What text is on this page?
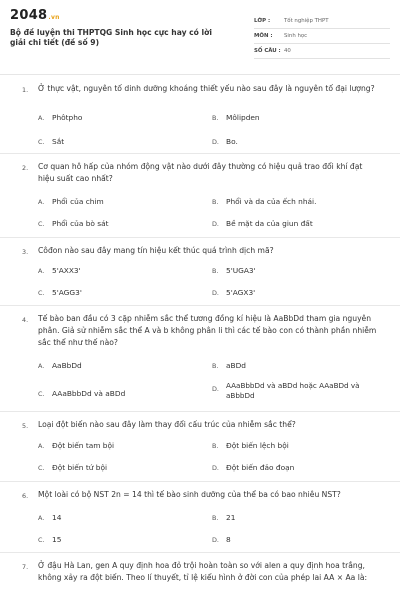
2048.vn
Bộ đề luyện thi THPTQG Sinh học cực hay có lời giải chi tiết (đề số 9)
LỚP :	Tốt nghiệp THPT
MÔN : Sinh học
SỐ CÂU : 40
1. Ở thực vật, nguyên tố dinh dưỡng khoáng thiết yếu nào sau đây là nguyên tố đại lượng?
A. Phôtpho	B. Môlipden
C. Sắt	D. Bo.
2. Cơ quan hô hấp của nhóm động vật nào dưới đây thường có hiệu quả trao đổi khí đạt hiệu suất cao nhất?
A. Phổi của chim	B. Phổi và da của ếch nhái.
C. Phổi của bò sát	D. Bề mặt da của giun đất
3. Côđon nào sau đây mang tín hiệu kết thúc quá trình dịch mã?
A. 5'AXX3'	B. 5'UGA3'
C. 5'AGG3'	D. 5'AGX3'
4. Tế bào ban đầu có 3 cặp nhiễm sắc thể tương đồng kí hiệu là AaBbDd tham gia nguyên phân. Giả sử nhiễm sắc thể A và b không phân li thì các tế bào con có thành phần nhiễm sắc thể như thế nào?
A. AaBbDd	B. aBDd
C. AAaBbbDd và aBDd	D. AAaBbbDd và aBDd hoặc AAaBDd và aBbbDd
5. Loại đột biến nào sau đây làm thay đổi cấu trúc của nhiễm sắc thể?
A. Đột biến tam bội	B. Đột biến lệch bội
C. Đột biến tứ bội	D. Đột biến đảo đoạn
6. Một loài có bộ NST 2n = 14 thì tế bào sinh dưỡng của thể ba có bao nhiêu NST?
A. 14	B. 21
C. 15	D. 8
7. Ở đậu Hà Lan, gen A quy định hoa đỏ trội hoàn toàn so với alen a quy định hoa trắng, không xảy ra đột biến. Theo lí thuyết, tỉ lệ kiểu hình ở đời con của phép lai AA × Aa là:
